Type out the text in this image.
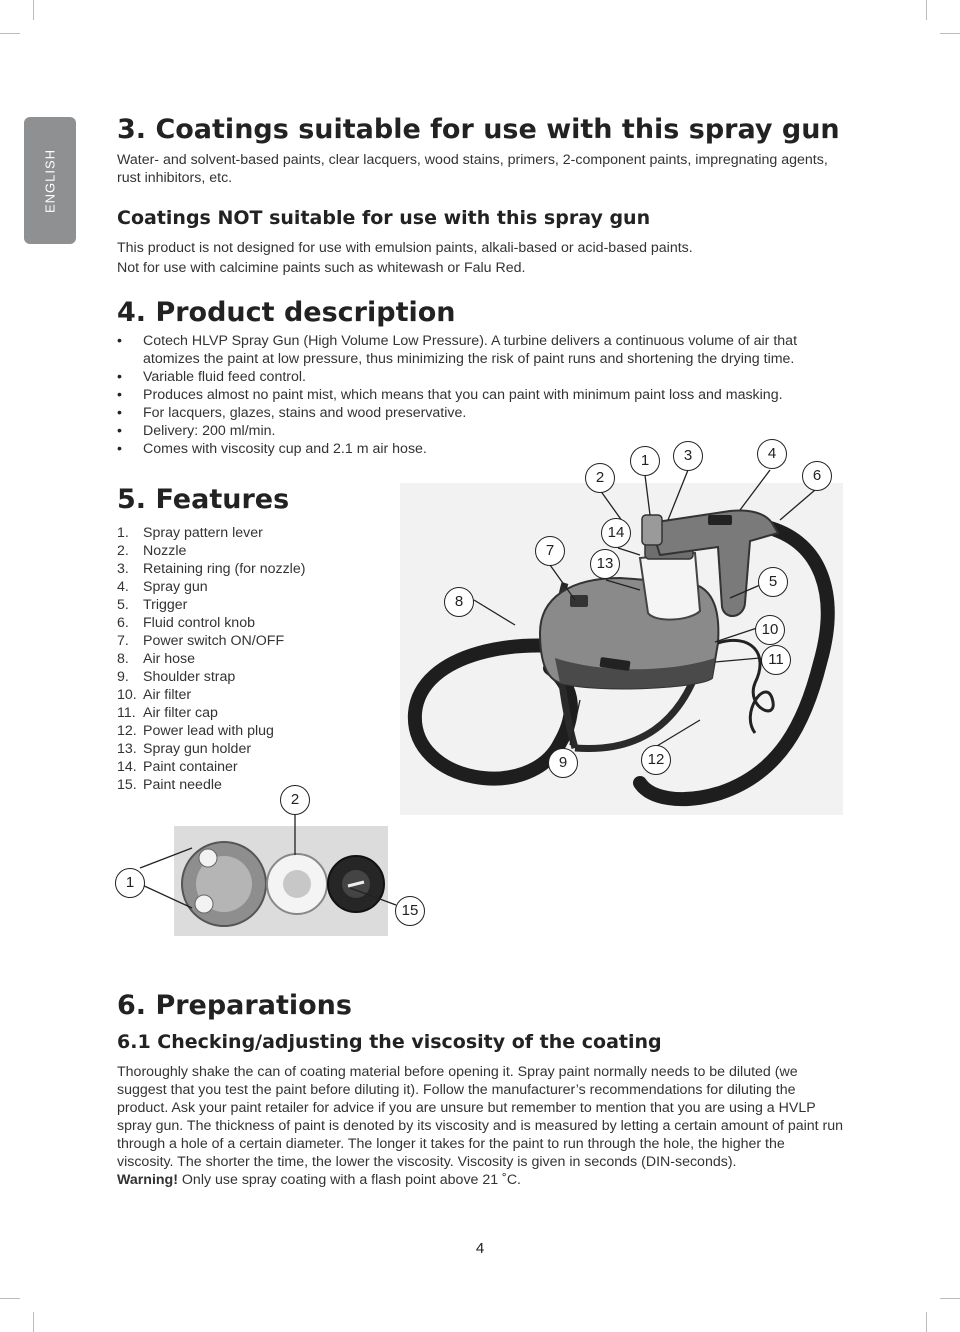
ENGLISH
3. Coatings suitable for use with this spray gun

Water- and solvent-based paints, clear lacquers, wood stains, primers, 2-component paints, impregnating agents, rust inhibitors, etc.

Coatings NOT suitable for use with this spray gun

This product is not designed for use with emulsion paints, alkali-based or acid-based paints.

Not for use with calcimine paints such as whitewash or Falu Red.

4. Product description
• Cotech HLVP Spray Gun (High Volume Low Pressure). A turbine delivers a continuous volume of air that atomizes the paint at low pressure, thus minimizing the risk of paint runs and shortening the drying time.
• Variable fluid feed control.
• Produces almost no paint mist, which means that you can paint with minimum paint loss and masking.
• For lacquers, glazes, stains and wood preservative.
• Delivery: 200 ml/min.
• Comes with viscosity cup and 2.1 m air hose.
5. Features
1. Spray pattern lever
2. Nozzle
3. Retaining ring (for nozzle)
4. Spray gun
5. Trigger
6. Fluid control knob
7. Power switch ON/OFF
8. Air hose
9. Shoulder strap
10. Air filter
11. Air filter cap
12. Power lead with plug
13. Spray gun holder
14. Paint container
15. Paint needle
1
2
3	4
5
6
7
8
9
10
11
12
13
14
1
2
15
6. Preparations
6.1 Checking/adjusting the viscosity of the coating

Thoroughly shake the can of coating material before opening it. Spray paint normally needs to be diluted (we suggest that you test the paint before diluting it). Follow the manufacturer’s recommendations for diluting the product. Ask your paint retailer for advice if you are unsure but remember to mention that you are using a HVLP spray gun. The thickness of paint is denoted by its viscosity and is measured by letting a certain amount of paint run through a hole of a certain diameter. The longer it takes for the paint to run through the hole, the higher the viscosity. The shorter the time, the lower the viscosity. Viscosity is given in seconds (DIN-seconds).

Warning! Only use spray coating with a flash point above 21 ˚C.

4
